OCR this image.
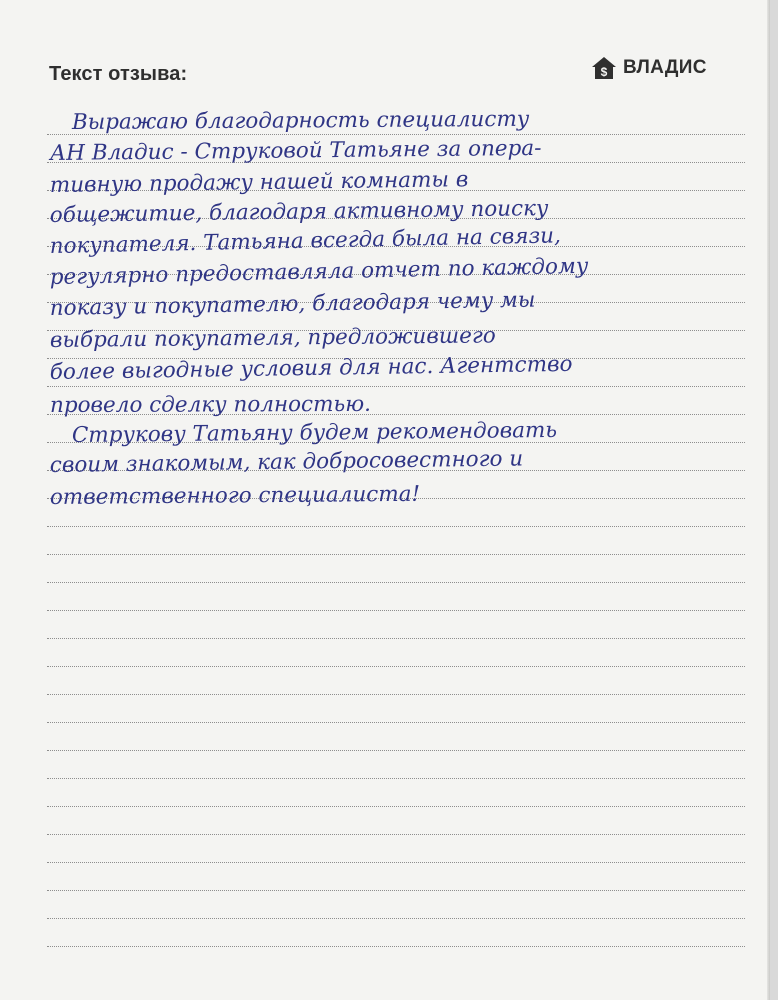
Текст отзыва:	$ ВЛАДИС

Выражаю благодарность специалисту

АН Владис - Струковой Татьяне за опера-

тивную продажу нашей комнаты в

общежитие, благодаря активному поиску

покупателя. Татьяна всегда была на связи,

регулярно предоставляла отчет по каждому

показу и покупателю, благодаря чему мы

выбрали покупателя, предложившего

более выгодные условия для нас. Агентство

провело сделку полностью.

Струкову Татьяну будем рекомендовать

своим знакомым, как добросовестного и

ответственного специалиста!
